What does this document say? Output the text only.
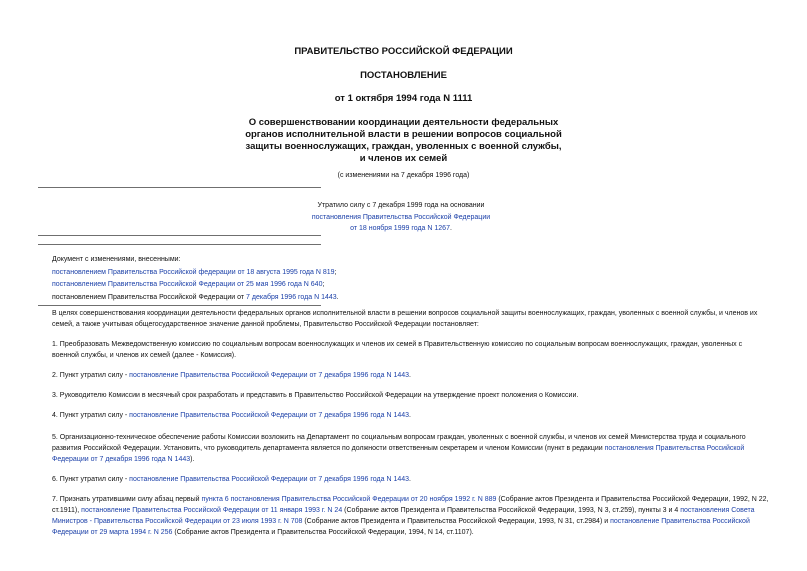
ПРАВИТЕЛЬСТВО РОССИЙСКОЙ ФЕДЕРАЦИИ
ПОСТАНОВЛЕНИЕ
от 1 октября 1994 года N 1111
О совершенствовании координации деятельности федеральных
органов исполнительной власти в решении вопросов социальной
защиты военнослужащих, граждан, уволенных с военной службы,
и членов их семей
(с изменениями на 7 декабря 1996 года)
Утратило силу с 7 декабря 1999 года на основании
постановления Правительства Российской Федерации
от 18 ноября 1999 года N 1267.
Документ с изменениями, внесенными:
постановлением Правительства Российской федерации от 18 августа 1995 года N 819;
постановлением Правительства Российской Федерации от 25 мая 1996 года N 640;
постановлением Правительства Российской Федерации от 7 декабря 1996 года N 1443.
В целях совершенствования координации деятельности федеральных органов исполнительной власти в решении вопросов социальной защиты военнослужащих, граждан, уволенных с военной службы, и членов их семей, а также учитывая общегосударственное значение данной проблемы, Правительство Российской Федерации постановляет:
1. Преобразовать Межведомственную комиссию по социальным вопросам военнослужащих и членов их семей в Правительственную комиссию по социальным вопросам военнослужащих, граждан, уволенных с военной службы, и членов их семей (далее - Комиссия).
2. Пункт утратил силу - постановление Правительства Российской Федерации от 7 декабря 1996 года N 1443.
3. Руководителю Комиссии в месячный срок разработать и представить в Правительство Российской Федерации на утверждение проект положения о Комиссии.
4. Пункт утратил силу - постановление Правительства Российской Федерации от 7 декабря 1996 года N 1443.
5. Организационно-техническое обеспечение работы Комиссии возложить на Департамент по социальным вопросам граждан, уволенных с военной службы, и членов их семей Министерства труда и социального развития Российской Федерации. Установить, что руководитель департамента является по должности ответственным секретарем и членом Комиссии (пункт в редакции постановления Правительства Российской Федерации от 7 декабря 1996 года N 1443).
6. Пункт утратил силу - постановление Правительства Российской Федерации от 7 декабря 1996 года N 1443.
7. Признать утратившими силу абзац первый пункта 6 постановления Правительства Российской Федерации от 20 ноября 1992 г. N 889 (Собрание актов Президента и Правительства Российской Федерации, 1992, N 22, ст.1911), постановление Правительства Российской Федерации от 11 января 1993 г. N 24 (Собрание актов Президента и Правительства Российской Федерации, 1993, N 3, ст.259), пункты 3 и 4 постановления Совета Министров - Правительства Российской Федерации от 23 июля 1993 г. N 708 (Собрание актов Президента и Правительства Российской Федерации, 1993, N 31, ст.2984) и постановление Правительства Российской Федерации от 29 марта 1994 г. N 256 (Собрание актов Президента и Правительства Российской Федерации, 1994, N 14, ст.1107).
